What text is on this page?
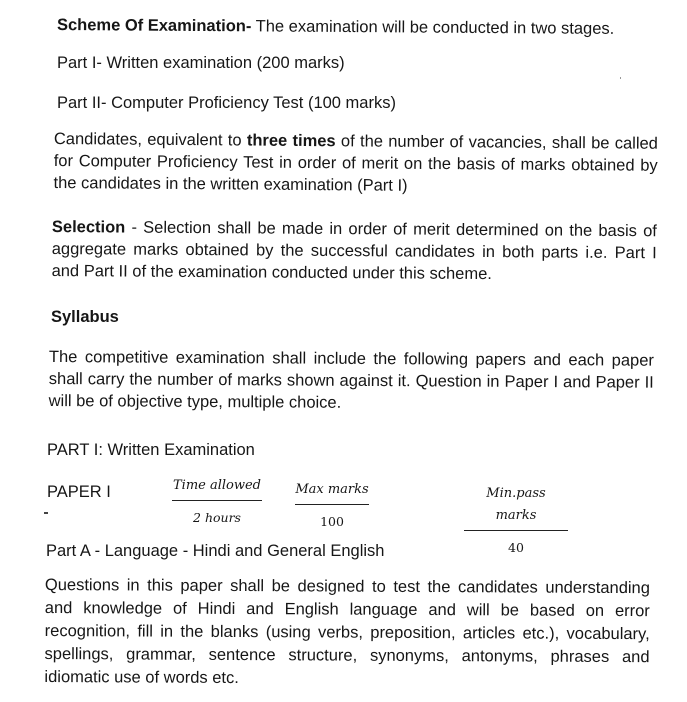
Scheme Of Examination- The examination will be conducted in two stages.
Part I- Written examination (200 marks)
Part II- Computer Proficiency Test (100 marks)
Candidates, equivalent to three times of the number of vacancies, shall be called
for Computer Proficiency Test in order of merit on the basis of marks obtained by
the candidates in the written examination (Part I)
Selection - Selection shall be made in order of merit determined on the basis of
aggregate marks obtained by the successful candidates in both parts i.e. Part I
and Part II of the examination conducted under this scheme.
Syllabus
The competitive examination shall include the following papers and each paper
shall carry the number of marks shown against it. Question in Paper I and Paper II
will be of objective type, multiple choice.
PART I: Written Examination
PAPER I	Time allowed
2 hours
Max marks
100
Min.pass marks
40
Part A - Language - Hindi and General English
Questions in this paper shall be designed to test the candidates understanding
and knowledge of Hindi and English language and will be based on error
recognition, fill in the blanks (using verbs, preposition, articles etc.), vocabulary,
spellings, grammar, sentence structure, synonyms, antonyms, phrases and
idiomatic use of words etc.
